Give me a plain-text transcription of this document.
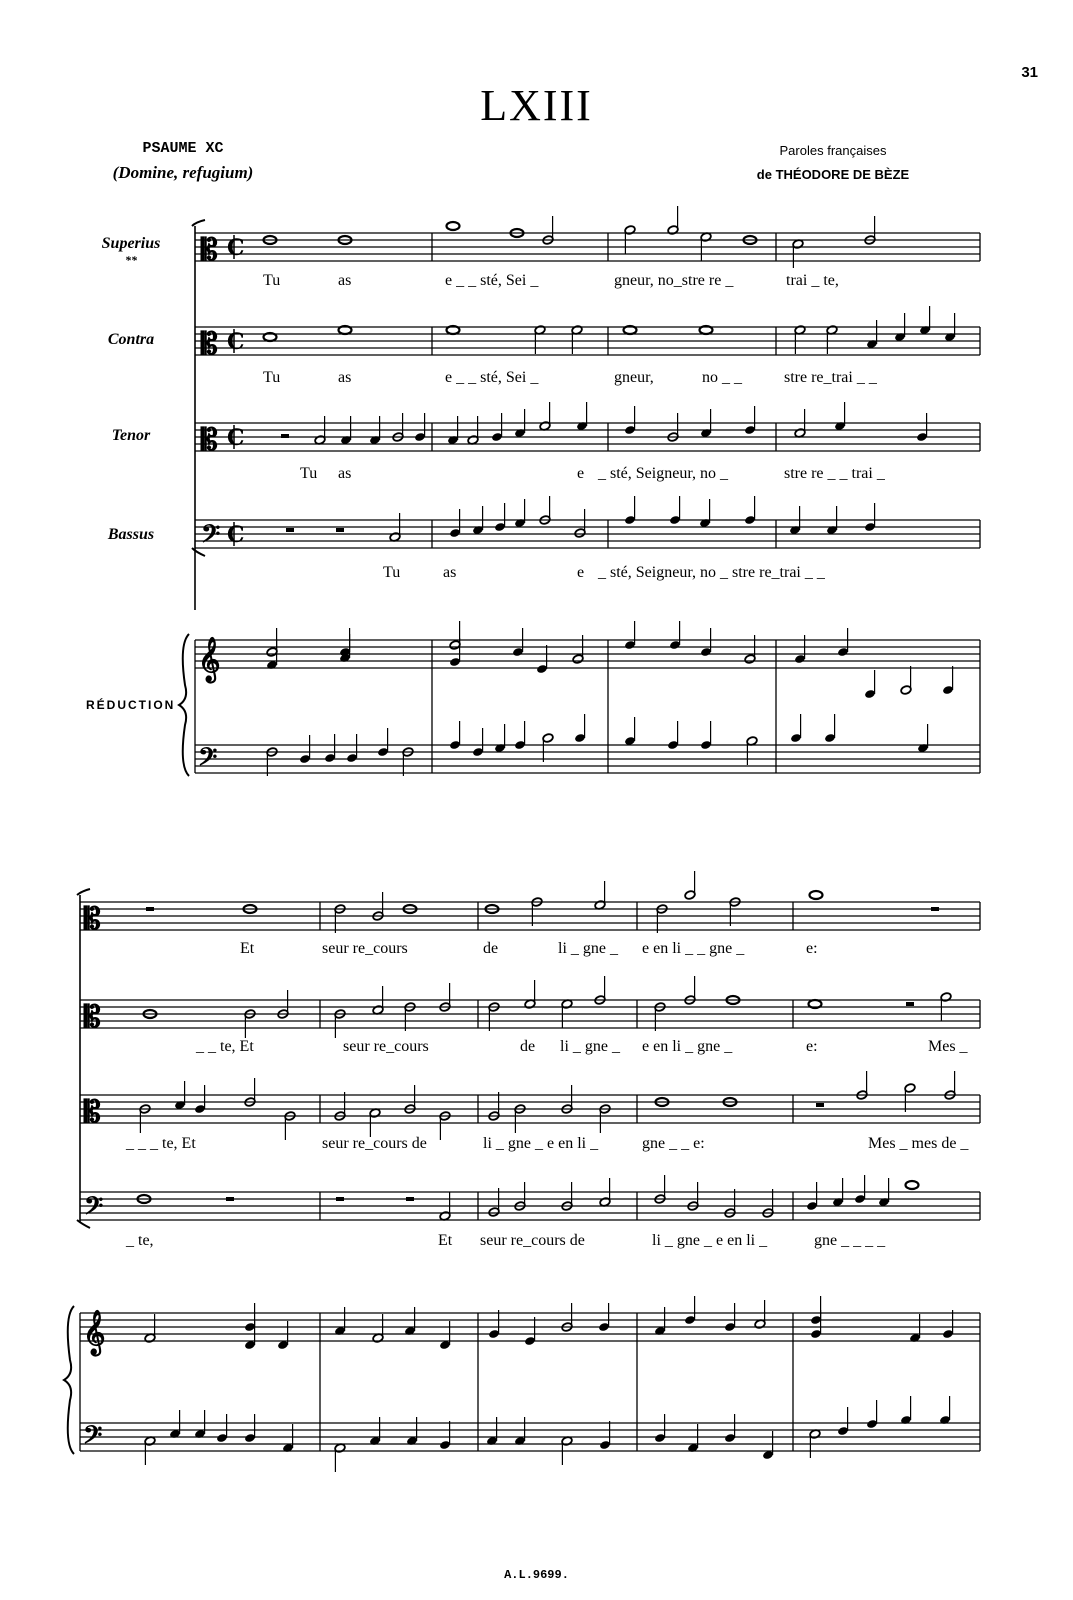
31
LXIII
PSAUME XC
(Domine, refugium)
Paroles françaises
de THÉODORE DE BÈZE
Superius
**
Contra
Tenor
Bassus
RÉDUCTION
𝄡 C
𝄡 C
𝄡 C
𝄢 C
𝄞
𝄢
𝄡
𝄡
𝄡
𝄢
𝄞
𝄢
Tu	as	e _ _ sté, Sei _	gneur, no_stre re _	trai _ te,
Tu	as	e _ _ sté, Sei _	gneur,	no _ _	stre re_trai _ _
Tu as	e _ sté, Seigneur, no _	stre re _ _ trai _
Tu	as	e _ sté, Seigneur, no _ stre re_trai _ _
Et	seur re_cours	de	li _ gne _ e en li _ _ gne _	e:
_ _ te, Et	seur re_cours	de li _ gne _ e en li _ gne _	e:	Mes _
_ _ _ te, Et	seur re_cours de	li _ gne _ e en li _	gne _ _ e:	Mes _ mes de _
_ te,	Et seur re_cours de	li _ gne _ e en li _	gne _ _ _ _
A.L.9699.
